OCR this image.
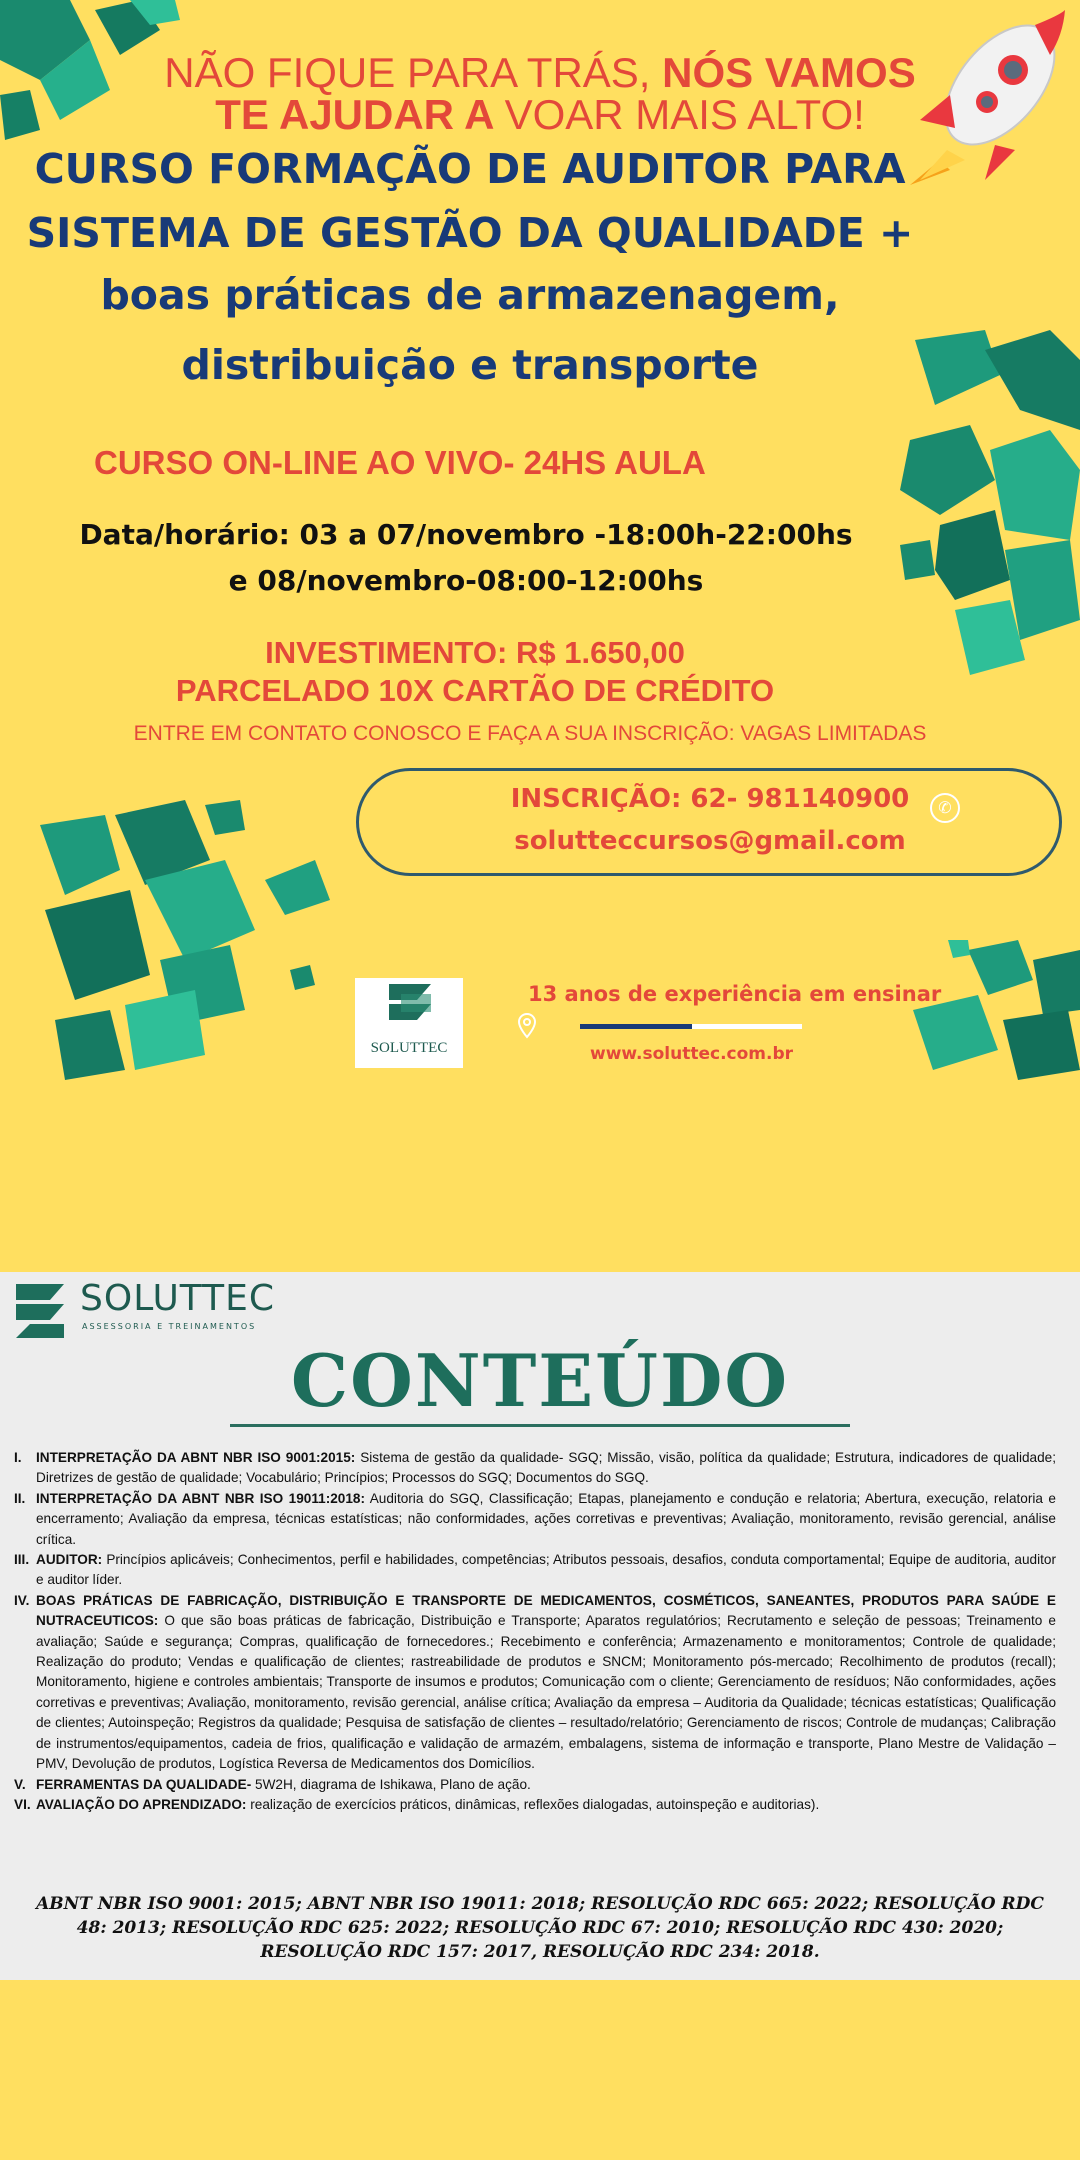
NÃO FIQUE PARA TRÁS, NÓS VAMOS
TE AJUDAR A VOAR MAIS ALTO!
CURSO FORMAÇÃO DE AUDITOR PARA
SISTEMA DE GESTÃO DA QUALIDADE +
boas práticas de armazenagem,
distribuição e transporte
CURSO ON-LINE AO VIVO- 24HS AULA
Data/horário: 03 a 07/novembro -18:00h-22:00hs
e 08/novembro-08:00-12:00hs
INVESTIMENTO: R$ 1.650,00
PARCELADO 10X CARTÃO DE CRÉDITO
ENTRE EM CONTATO CONOSCO E FAÇA A SUA INSCRIÇÃO: VAGAS LIMITADAS
INSCRIÇÃO: 62- 981140900	✆
solutteccursos@gmail.com
SOLUTTEC
13 anos de experiência em ensinar
www.soluttec.com.br
SOLUTTEC
ASSESSORIA E TREINAMENTOS
CONTEÚDO
I. INTERPRETAÇÃO DA ABNT NBR ISO 9001:2015: Sistema de gestão da qualidade- SGQ; Missão, visão, política da qualidade; Estrutura, indicadores de qualidade; Diretrizes de gestão de qualidade; Vocabulário; Princípios; Processos do SGQ; Documentos do SGQ.
II. INTERPRETAÇÃO DA ABNT NBR ISO 19011:2018: Auditoria do SGQ, Classificação; Etapas, planejamento e condução e relatoria; Abertura, execução, relatoria e encerramento; Avaliação da empresa, técnicas estatísticas; não conformidades, ações corretivas e preventivas; Avaliação, monitoramento, revisão gerencial, análise crítica.
III. AUDITOR: Princípios aplicáveis; Conhecimentos, perfil e habilidades, competências; Atributos pessoais, desafios, conduta comportamental; Equipe de auditoria, auditor e auditor líder.
IV. BOAS PRÁTICAS DE FABRICAÇÃO, DISTRIBUIÇÃO E TRANSPORTE DE MEDICAMENTOS, COSMÉTICOS, SANEANTES, PRODUTOS PARA SAÚDE E NUTRACEUTICOS: O que são boas práticas de fabricação, Distribuição e Transporte; Aparatos regulatórios; Recrutamento e seleção de pessoas; Treinamento e avaliação; Saúde e segurança; Compras, qualificação de fornecedores.; Recebimento e conferência; Armazenamento e monitoramentos; Controle de qualidade; Realização do produto; Vendas e qualificação de clientes; rastreabilidade de produtos e SNCM; Monitoramento pós-mercado; Recolhimento de produtos (recall); Monitoramento, higiene e controles ambientais; Transporte de insumos e produtos; Comunicação com o cliente; Gerenciamento de resíduos; Não conformidades, ações corretivas e preventivas; Avaliação, monitoramento, revisão gerencial, análise crítica; Avaliação da empresa – Auditoria da Qualidade; técnicas estatísticas; Qualificação de clientes; Autoinspeção; Registros da qualidade; Pesquisa de satisfação de clientes – resultado/relatório; Gerenciamento de riscos; Controle de mudanças; Calibração de instrumentos/equipamentos, cadeia de frios, qualificação e validação de armazém, embalagens, sistema de informação e transporte, Plano Mestre de Validação – PMV, Devolução de produtos, Logística Reversa de Medicamentos dos Domicílios.
V. FERRAMENTAS DA QUALIDADE- 5W2H, diagrama de Ishikawa, Plano de ação.
VI. AVALIAÇÃO DO APRENDIZADO: realização de exercícios práticos, dinâmicas, reflexões dialogadas, autoinspeção e auditorias).
ABNT NBR ISO 9001: 2015; ABNT NBR ISO 19011: 2018; RESOLUÇÃO RDC 665: 2022; RESOLUÇÃO RDC 48: 2013; RESOLUÇÃO RDC 625: 2022; RESOLUÇÃO RDC 67: 2010; RESOLUÇÃO RDC 430: 2020; RESOLUÇÃO RDC 157: 2017, RESOLUÇÃO RDC 234: 2018.
